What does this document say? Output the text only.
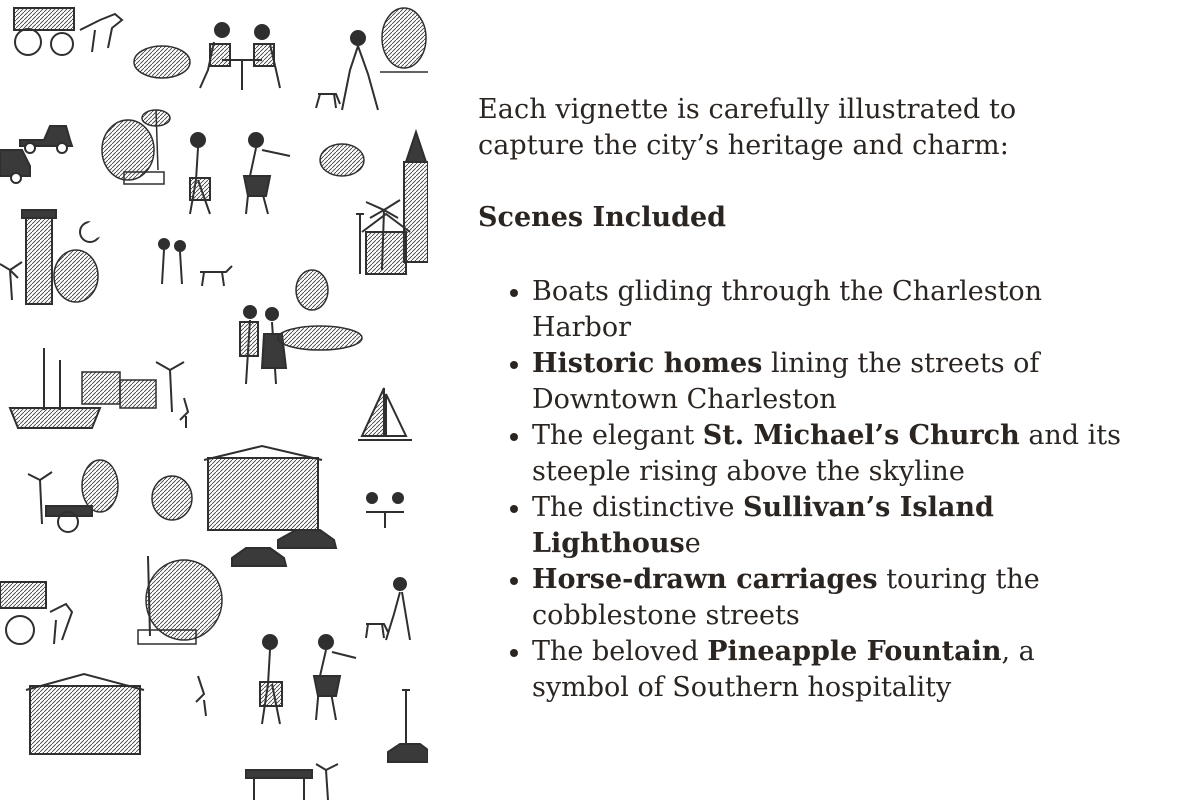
Each vignette is carefully illustrated to capture the city’s heritage and charm:

Scenes Included
Boats gliding through the Charleston Harbor
Historic homes lining the streets of Downtown Charleston
The elegant St. Michael’s Church and its steeple rising above the skyline
The distinctive Sullivan’s Island Lighthouse
Horse-drawn carriages touring the cobblestone streets
The beloved Pineapple Fountain, a symbol of Southern hospitality
